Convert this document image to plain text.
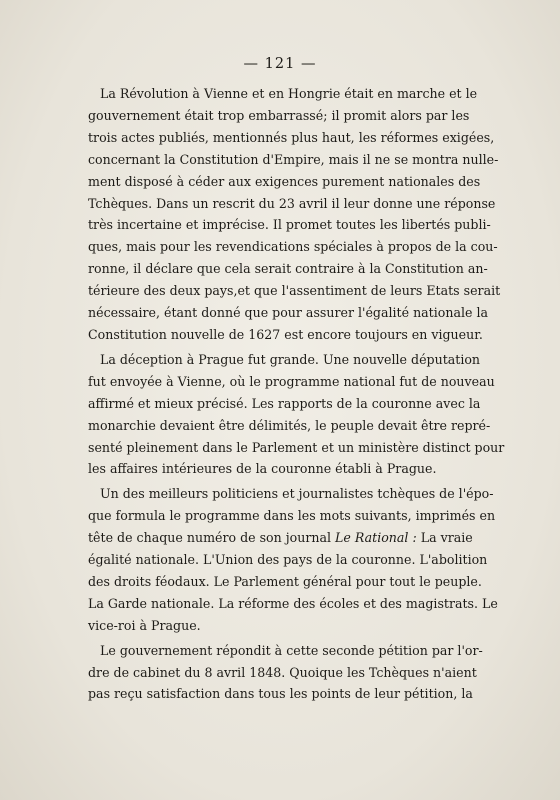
— 121 —

La Révolution à Vienne et en Hongrie était en marche et le
gouvernement était trop embarrassé; il promit alors par les
trois actes publiés, mentionnés plus haut, les réformes exigées,
concernant la Constitution d'Empire, mais il ne se montra nulle-
ment disposé à céder aux exigences purement nationales des
Tchèques. Dans un rescrit du 23 avril il leur donne une réponse
très incertaine et imprécise. Il promet toutes les libertés publi-
ques, mais pour les revendications spéciales à propos de la cou-
ronne, il déclare que cela serait contraire à la Constitution an-
térieure des deux pays,et que l'assentiment de leurs Etats serait
nécessaire, étant donné que pour assurer l'égalité nationale la
Constitution nouvelle de 1627 est encore toujours en vigueur.

La déception à Prague fut grande. Une nouvelle députation
fut envoyée à Vienne, où le programme national fut de nouveau
affirmé et mieux précisé. Les rapports de la couronne avec la
monarchie devaient être délimités, le peuple devait être repré-
senté pleinement dans le Parlement et un ministère distinct pour
les affaires intérieures de la couronne établi à Prague.

Un des meilleurs politiciens et journalistes tchèques de l'épo-
que formula le programme dans les mots suivants, imprimés en
tête de chaque numéro de son journal Le Rational : La vraie
égalité nationale. L'Union des pays de la couronne. L'abolition
des droits féodaux. Le Parlement général pour tout le peuple.
La Garde nationale. La réforme des écoles et des magistrats. Le
vice-roi à Prague.

Le gouvernement répondit à cette seconde pétition par l'or-
dre de cabinet du 8 avril 1848. Quoique les Tchèques n'aient
pas reçu satisfaction dans tous les points de leur pétition, la
